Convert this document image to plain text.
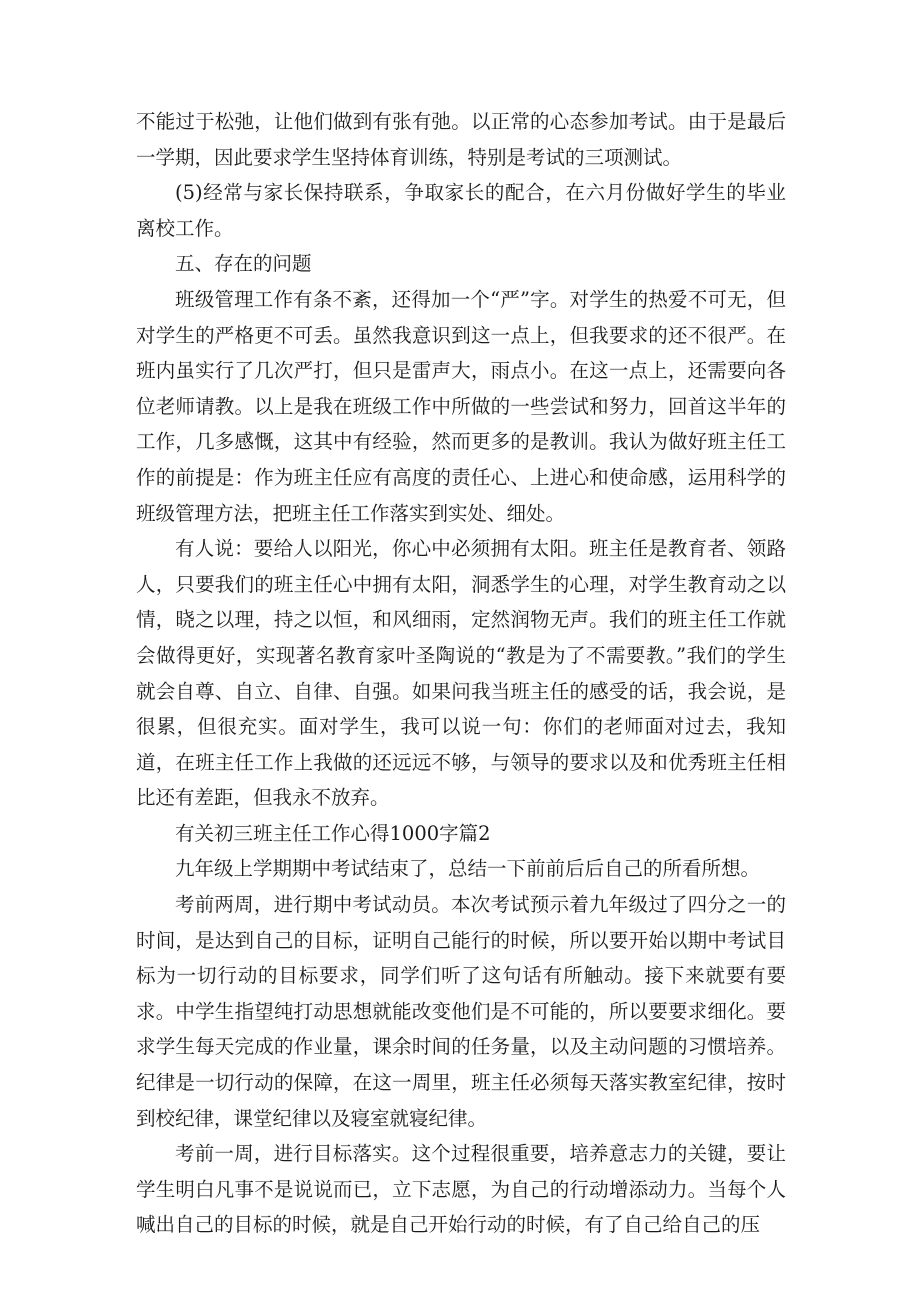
不能过于松弛，让他们做到有张有弛。以正常的心态参加考试。由于是最后一学期，因此要求学生坚持体育训练，特别是考试的三项测试。

(5)经常与家长保持联系，争取家长的配合，在六月份做好学生的毕业离校工作。

五、存在的问题

班级管理工作有条不紊，还得加一个“严”字。对学生的热爱不可无，但对学生的严格更不可丢。虽然我意识到这一点上，但我要求的还不很严。在班内虽实行了几次严打，但只是雷声大，雨点小。在这一点上，还需要向各位老师请教。以上是我在班级工作中所做的一些尝试和努力，回首这半年的工作，几多感慨，这其中有经验，然而更多的是教训。我认为做好班主任工作的前提是：作为班主任应有高度的责任心、上进心和使命感，运用科学的班级管理方法，把班主任工作落实到实处、细处。

有人说：要给人以阳光，你心中必须拥有太阳。班主任是教育者、领路人，只要我们的班主任心中拥有太阳，洞悉学生的心理，对学生教育动之以情，晓之以理，持之以恒，和风细雨，定然润物无声。我们的班主任工作就会做得更好，实现著名教育家叶圣陶说的“教是为了不需要教。”我们的学生就会自尊、自立、自律、自强。如果问我当班主任的感受的话，我会说，是很累，但很充实。面对学生，我可以说一句：你们的老师面对过去，我知道，在班主任工作上我做的还远远不够，与领导的要求以及和优秀班主任相比还有差距，但我永不放弃。

有关初三班主任工作心得1000字篇2

九年级上学期期中考试结束了，总结一下前前后后自己的所看所想。

考前两周，进行期中考试动员。本次考试预示着九年级过了四分之一的时间，是达到自己的目标，证明自己能行的时候，所以要开始以期中考试目标为一切行动的目标要求，同学们听了这句话有所触动。接下来就要有要求。中学生指望纯打动思想就能改变他们是不可能的，所以要要求细化。要求学生每天完成的作业量，课余时间的任务量，以及主动问题的习惯培养。纪律是一切行动的保障，在这一周里，班主任必须每天落实教室纪律，按时到校纪律，课堂纪律以及寝室就寝纪律。

考前一周，进行目标落实。这个过程很重要，培养意志力的关键，要让学生明白凡事不是说说而已，立下志愿，为自己的行动增添动力。当每个人喊出自己的目标的时候，就是自己开始行动的时候，有了自己给自己的压
